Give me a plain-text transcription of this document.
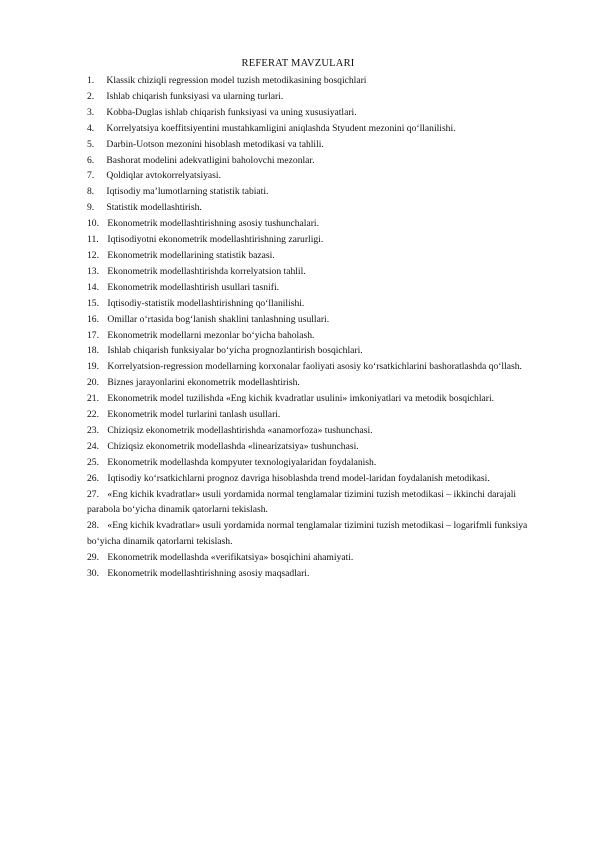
REFERAT MAVZULARI
1. Klassik chiziqli regression model tuzish metodikasining bosqichlari
2. Ishlab chiqarish funksiyasi va ularning turlari.
3. Kobba-Duglas ishlab chiqarish funksiyasi va uning xususiyatlari.
4. Korrelyatsiya koeffitsiyentini mustahkamligini aniqlashda Styudent mezonini qo‘llanilishi.
5. Darbin-Uotson mezonini hisoblash metodikasi va tahlili.
6. Bashorat modelini adekvatligini baholovchi mezonlar.
7. Qoldiqlar avtokorrelyatsiyasi.
8. Iqtisodiy ma’lumotlarning statistik tabiati.
9. Statistik modellashtirish.
10. Ekonometrik modellashtirishning asosiy tushunchalari.
11. Iqtisodiyotni ekonometrik modellashtirishning zarurligi.
12. Ekonometrik modellarining statistik bazasi.
13. Ekonometrik modellashtirishda korrelyatsion tahlil.
14. Ekonometrik modellashtirish usullari tasnifi.
15. Iqtisodiy-statistik modellashtirishning qo‘llanilishi.
16. Omillar o‘rtasida bog‘lanish shaklini tanlashning usullari.
17. Ekonometrik modellarni mezonlar bo‘yicha baholash.
18. Ishlab chiqarish funksiyalar bo‘yicha prognozlantirish bosqichlari.
19. Korrelyatsion-regression modellarning korxonalar faoliyati asosiy ko‘rsatkichlarini bashoratlashda qo‘llash.
20. Biznes jarayonlarini ekonometrik modellashtirish.
21. Ekonometrik model tuzilishda «Eng kichik kvadratlar usulini» imkoniyatlari va metodik bosqichlari.
22. Ekonometrik model turlarini tanlash usullari.
23. Chiziqsiz ekonometrik modellashtirishda «anamorfoza» tushunchasi.
24. Chiziqsiz ekonometrik modellashda «linearizatsiya» tushunchasi.
25. Ekonometrik modellashda kompyuter texnologiyalaridan foydalanish.
26. Iqtisodiy ko‘rsatkichlarni prognoz davriga hisoblashda trend model-laridan foydalanish metodikasi.
27. «Eng kichik kvadratlar» usuli yordamida normal tenglamalar tizimini tuzish metodikasi – ikkinchi darajali parabola bo‘yicha dinamik qatorlarni tekislash.
28. «Eng kichik kvadratlar» usuli yordamida normal tenglamalar tizimini tuzish metodikasi – logarifmli funksiya bo‘yicha dinamik qatorlarni tekislash.
29. Ekonometrik modellashda «verifikatsiya» bosqichini ahamiyati.
30. Ekonometrik modellashtirishning asosiy maqsadlari.
